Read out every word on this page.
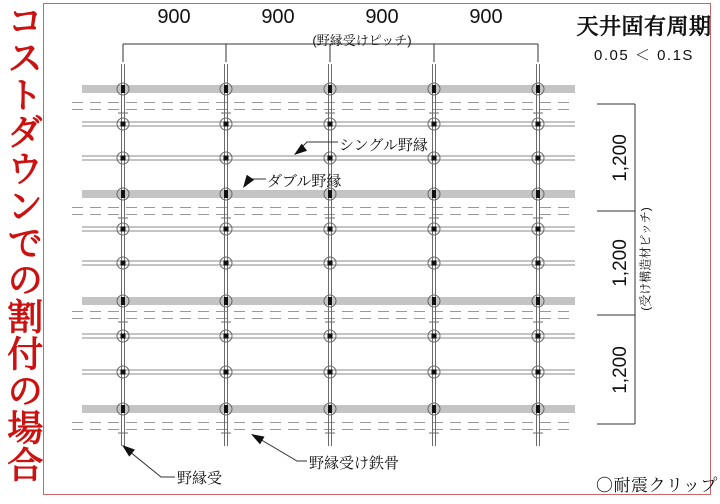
コストダウンでの割付の場合	天井固有周期
0.05 ＜ 0.1S
900	900	900	900
(野縁受けピッチ)
1,200
1,200
1,200
(受け構造材ピッチ)
シングル野縁
ダブル野縁
野縁受
野縁受け鉄骨
〇耐震クリップ
